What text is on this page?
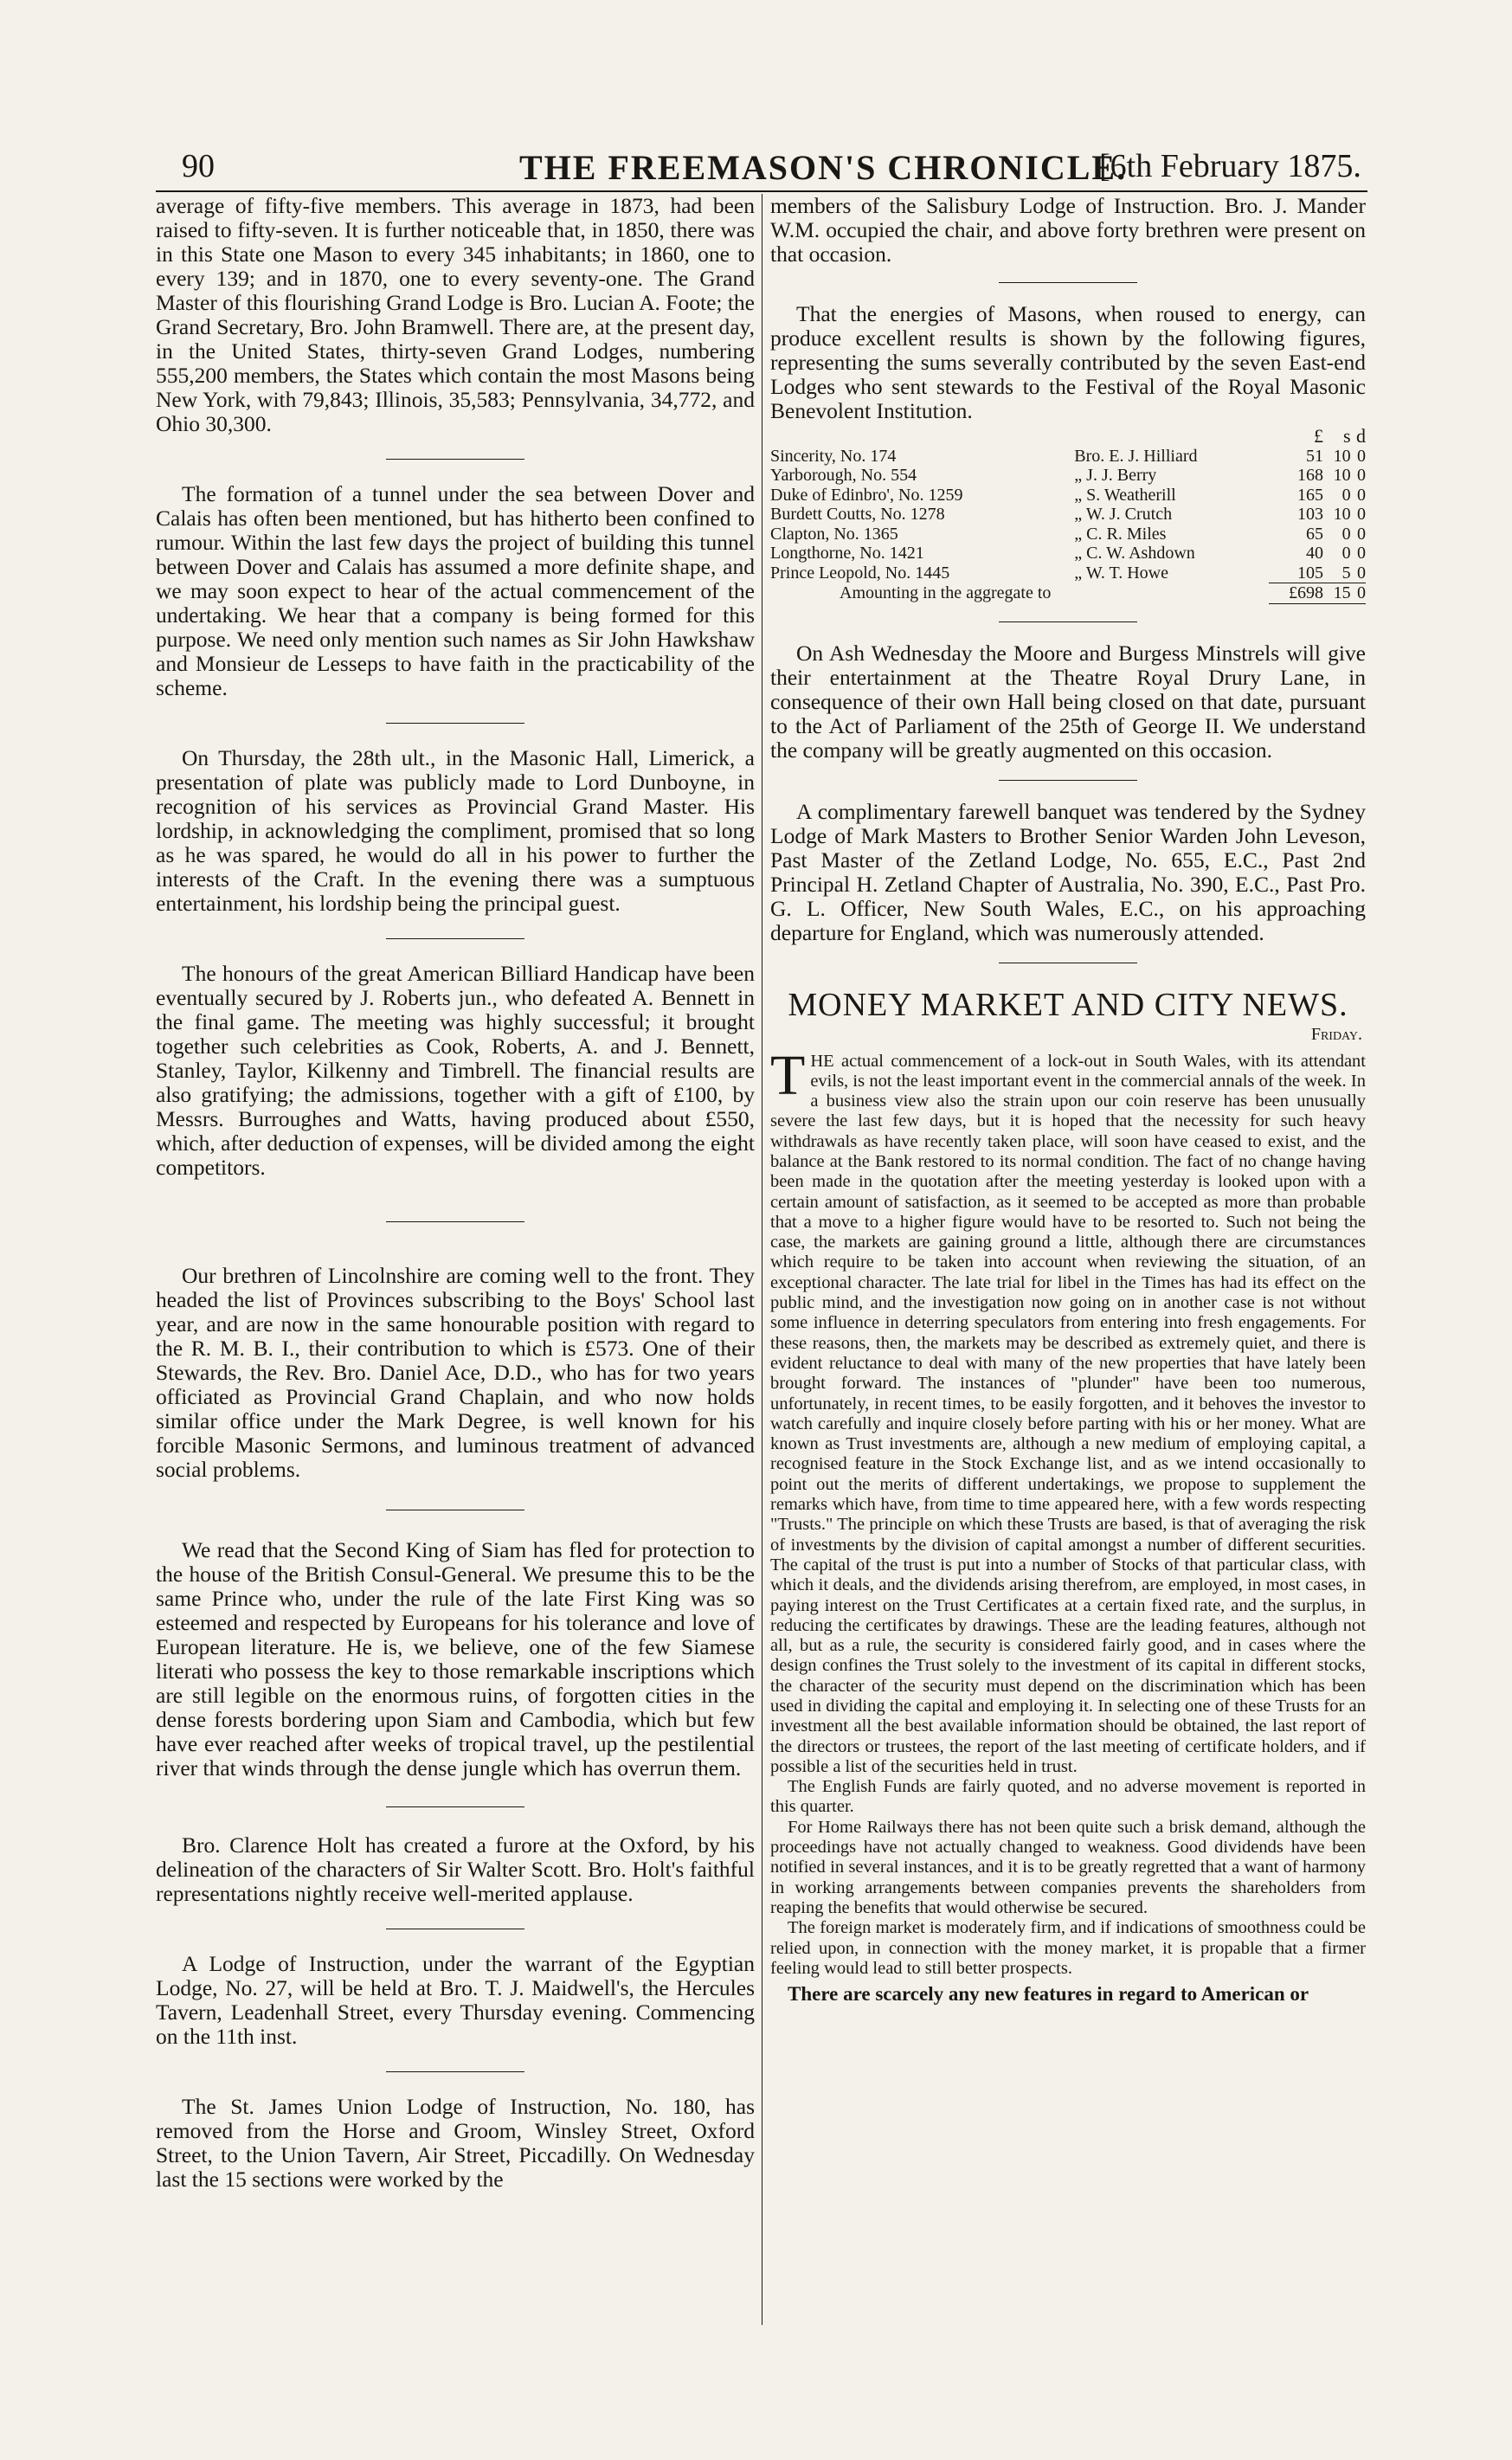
90	THE FREEMASON'S CHRONICLE.
[6th February 1875.

average of fifty-five members. This average in 1873, had been raised to fifty-seven. It is further noticeable that, in 1850, there was in this State one Mason to every 345 inhabitants; in 1860, one to every 139; and in 1870, one to every seventy-one. The Grand Master of this flourishing Grand Lodge is Bro. Lucian A. Foote; the Grand Secretary, Bro. John Bramwell. There are, at the present day, in the United States, thirty-seven Grand Lodges, numbering 555,200 members, the States which contain the most Masons being New York, with 79,843; Illinois, 35,583; Pennsylvania, 34,772, and Ohio 30,300.

The formation of a tunnel under the sea between Dover and Calais has often been mentioned, but has hitherto been confined to rumour. Within the last few days the project of building this tunnel between Dover and Calais has assumed a more definite shape, and we may soon expect to hear of the actual commencement of the undertaking. We hear that a company is being formed for this purpose. We need only mention such names as Sir John Hawkshaw and Monsieur de Lesseps to have faith in the practicability of the scheme.

On Thursday, the 28th ult., in the Masonic Hall, Limerick, a presentation of plate was publicly made to Lord Dunboyne, in recognition of his services as Provincial Grand Master. His lordship, in acknowledging the compliment, promised that so long as he was spared, he would do all in his power to further the interests of the Craft. In the evening there was a sumptuous entertainment, his lordship being the principal guest.

The honours of the great American Billiard Handicap have been eventually secured by J. Roberts jun., who defeated A. Bennett in the final game. The meeting was highly successful; it brought together such celebrities as Cook, Roberts, A. and J. Bennett, Stanley, Taylor, Kilkenny and Timbrell. The financial results are also gratifying; the admissions, together with a gift of £100, by Messrs. Burroughes and Watts, having produced about £550, which, after deduction of expenses, will be divided among the eight competitors.

Our brethren of Lincolnshire are coming well to the front. They headed the list of Provinces subscribing to the Boys' School last year, and are now in the same honourable position with regard to the R. M. B. I., their contribution to which is £573. One of their Stewards, the Rev. Bro. Daniel Ace, D.D., who has for two years officiated as Provincial Grand Chaplain, and who now holds similar office under the Mark Degree, is well known for his forcible Masonic Sermons, and luminous treatment of advanced social problems.

We read that the Second King of Siam has fled for protection to the house of the British Consul-General. We presume this to be the same Prince who, under the rule of the late First King was so esteemed and respected by Europeans for his tolerance and love of European literature. He is, we believe, one of the few Siamese literati who possess the key to those remarkable inscriptions which are still legible on the enormous ruins, of forgotten cities in the dense forests bordering upon Siam and Cambodia, which but few have ever reached after weeks of tropical travel, up the pestilential river that winds through the dense jungle which has overrun them.

Bro. Clarence Holt has created a furore at the Oxford, by his delineation of the characters of Sir Walter Scott. Bro. Holt's faithful representations nightly receive well-merited applause.

A Lodge of Instruction, under the warrant of the Egyptian Lodge, No. 27, will be held at Bro. T. J. Maidwell's, the Hercules Tavern, Leadenhall Street, every Thursday evening. Commencing on the 11th inst.

The St. James Union Lodge of Instruction, No. 180, has removed from the Horse and Groom, Winsley Street, Oxford Street, to the Union Tavern, Air Street, Piccadilly. On Wednesday last the 15 sections were worked by the

members of the Salisbury Lodge of Instruction. Bro. J. Mander W.M. occupied the chair, and above forty brethren were present on that occasion.

That the energies of Masons, when roused to energy, can produce excellent results is shown by the following figures, representing the sums severally contributed by the seven East-end Lodges who sent stewards to the Festival of the Royal Masonic Benevolent Institution.

		£	s	d
Sincerity, No. 174	Bro. E. J. Hilliard	51	10	0
Yarborough, No. 554	„ J. J. Berry	168	10	0
Duke of Edinbro', No. 1259	„ S. Weatherill	165	0	0
Burdett Coutts, No. 1278	„ W. J. Crutch	103	10	0
Clapton, No. 1365	„ C. R. Miles	65	0	0
Longthorne, No. 1421	„ C. W. Ashdown	40	0	0
Prince Leopold, No. 1445	„ W. T. Howe	105	5	0
Amounting in the aggregate to		£698	15	0

On Ash Wednesday the Moore and Burgess Minstrels will give their entertainment at the Theatre Royal Drury Lane, in consequence of their own Hall being closed on that date, pursuant to the Act of Parliament of the 25th of George II. We understand the company will be greatly augmented on this occasion.

A complimentary farewell banquet was tendered by the Sydney Lodge of Mark Masters to Brother Senior Warden John Leveson, Past Master of the Zetland Lodge, No. 655, E.C., Past 2nd Principal H. Zetland Chapter of Australia, No. 390, E.C., Past Pro. G. L. Officer, New South Wales, E.C., on his approaching departure for England, which was numerously attended.

MONEY MARKET AND CITY NEWS.
Friday.

THE actual commencement of a lock-out in South Wales, with its attendant evils, is not the least important event in the commercial annals of the week. In a business view also the strain upon our coin reserve has been unusually severe the last few days, but it is hoped that the necessity for such heavy withdrawals as have recently taken place, will soon have ceased to exist, and the balance at the Bank restored to its normal condition. The fact of no change having been made in the quotation after the meeting yesterday is looked upon with a certain amount of satisfaction, as it seemed to be accepted as more than probable that a move to a higher figure would have to be resorted to. Such not being the case, the markets are gaining ground a little, although there are circumstances which require to be taken into account when reviewing the situation, of an exceptional character. The late trial for libel in the Times has had its effect on the public mind, and the investigation now going on in another case is not without some influence in deterring speculators from entering into fresh engagements. For these reasons, then, the markets may be described as extremely quiet, and there is evident reluctance to deal with many of the new properties that have lately been brought forward. The instances of "plunder" have been too numerous, unfortunately, in recent times, to be easily forgotten, and it behoves the investor to watch carefully and inquire closely before parting with his or her money. What are known as Trust investments are, although a new medium of employing capital, a recognised feature in the Stock Exchange list, and as we intend occasionally to point out the merits of different undertakings, we propose to supplement the remarks which have, from time to time appeared here, with a few words respecting "Trusts." The principle on which these Trusts are based, is that of averaging the risk of investments by the division of capital amongst a number of different securities. The capital of the trust is put into a number of Stocks of that particular class, with which it deals, and the dividends arising therefrom, are employed, in most cases, in paying interest on the Trust Certificates at a certain fixed rate, and the surplus, in reducing the certificates by drawings. These are the leading features, although not all, but as a rule, the security is considered fairly good, and in cases where the design confines the Trust solely to the investment of its capital in different stocks, the character of the security must depend on the discrimination which has been used in dividing the capital and employing it. In selecting one of these Trusts for an investment all the best available information should be obtained, the last report of the directors or trustees, the report of the last meeting of certificate holders, and if possible a list of the securities held in trust.

The English Funds are fairly quoted, and no adverse movement is reported in this quarter.

For Home Railways there has not been quite such a brisk demand, although the proceedings have not actually changed to weakness. Good dividends have been notified in several instances, and it is to be greatly regretted that a want of harmony in working arrangements between companies prevents the shareholders from reaping the benefits that would otherwise be secured.

The foreign market is moderately firm, and if indications of smoothness could be relied upon, in connection with the money market, it is propable that a firmer feeling would lead to still better prospects.

There are scarcely any new features in regard to American or
